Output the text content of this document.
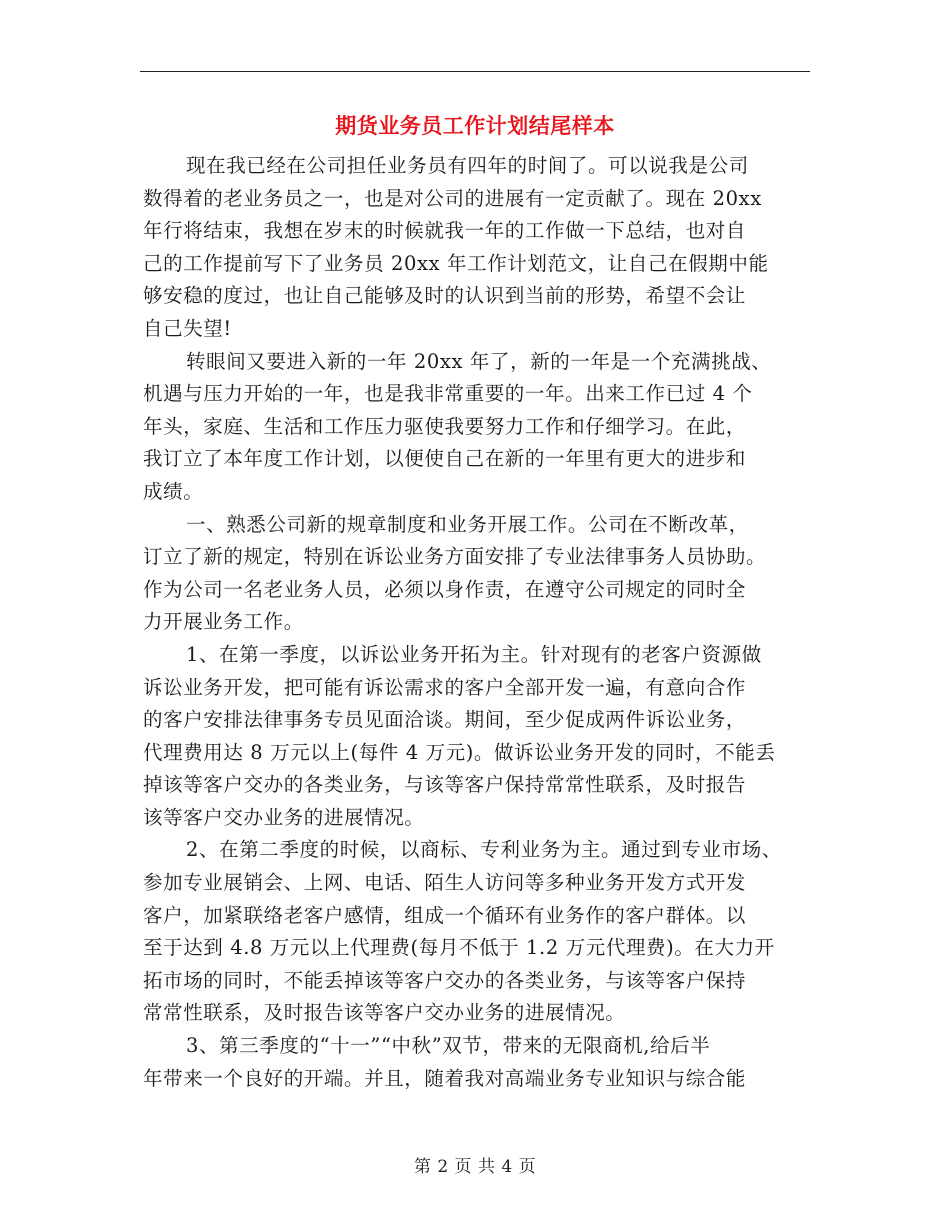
期货业务员工作计划结尾样本
现在我已经在公司担任业务员有四年的时间了。可以说我是公司
数得着的老业务员之一，也是对公司的进展有一定贡献了。现在 20xx
年行将结束，我想在岁末的时候就我一年的工作做一下总结，也对自
己的工作提前写下了业务员 20xx 年工作计划范文，让自己在假期中能
够安稳的度过，也让自己能够及时的认识到当前的形势，希望不会让
自己失望!
转眼间又要进入新的一年 20xx 年了，新的一年是一个充满挑战、
机遇与压力开始的一年，也是我非常重要的一年。出来工作已过 4 个
年头，家庭、生活和工作压力驱使我要努力工作和仔细学习。在此，
我订立了本年度工作计划，以便使自己在新的一年里有更大的进步和
成绩。
一、熟悉公司新的规章制度和业务开展工作。公司在不断改革，
订立了新的规定，特别在诉讼业务方面安排了专业法律事务人员协助。
作为公司一名老业务人员，必须以身作责，在遵守公司规定的同时全
力开展业务工作。
1、在第一季度，以诉讼业务开拓为主。针对现有的老客户资源做
诉讼业务开发，把可能有诉讼需求的客户全部开发一遍，有意向合作
的客户安排法律事务专员见面洽谈。期间，至少促成两件诉讼业务，
代理费用达 8 万元以上(每件 4 万元)。做诉讼业务开发的同时，不能丢
掉该等客户交办的各类业务，与该等客户保持常常性联系，及时报告
该等客户交办业务的进展情况。
2、在第二季度的时候，以商标、专利业务为主。通过到专业市场、
参加专业展销会、上网、电话、陌生人访问等多种业务开发方式开发
客户，加紧联络老客户感情，组成一个循环有业务作的客户群体。以
至于达到 4.8 万元以上代理费(每月不低于 1.2 万元代理费)。在大力开
拓市场的同时，不能丢掉该等客户交办的各类业务，与该等客户保持
常常性联系，及时报告该等客户交办业务的进展情况。
3、第三季度的“十一”“中秋”双节，带来的无限商机,给后半
年带来一个良好的开端。并且，随着我对高端业务专业知识与综合能
第 2 页 共 4 页
